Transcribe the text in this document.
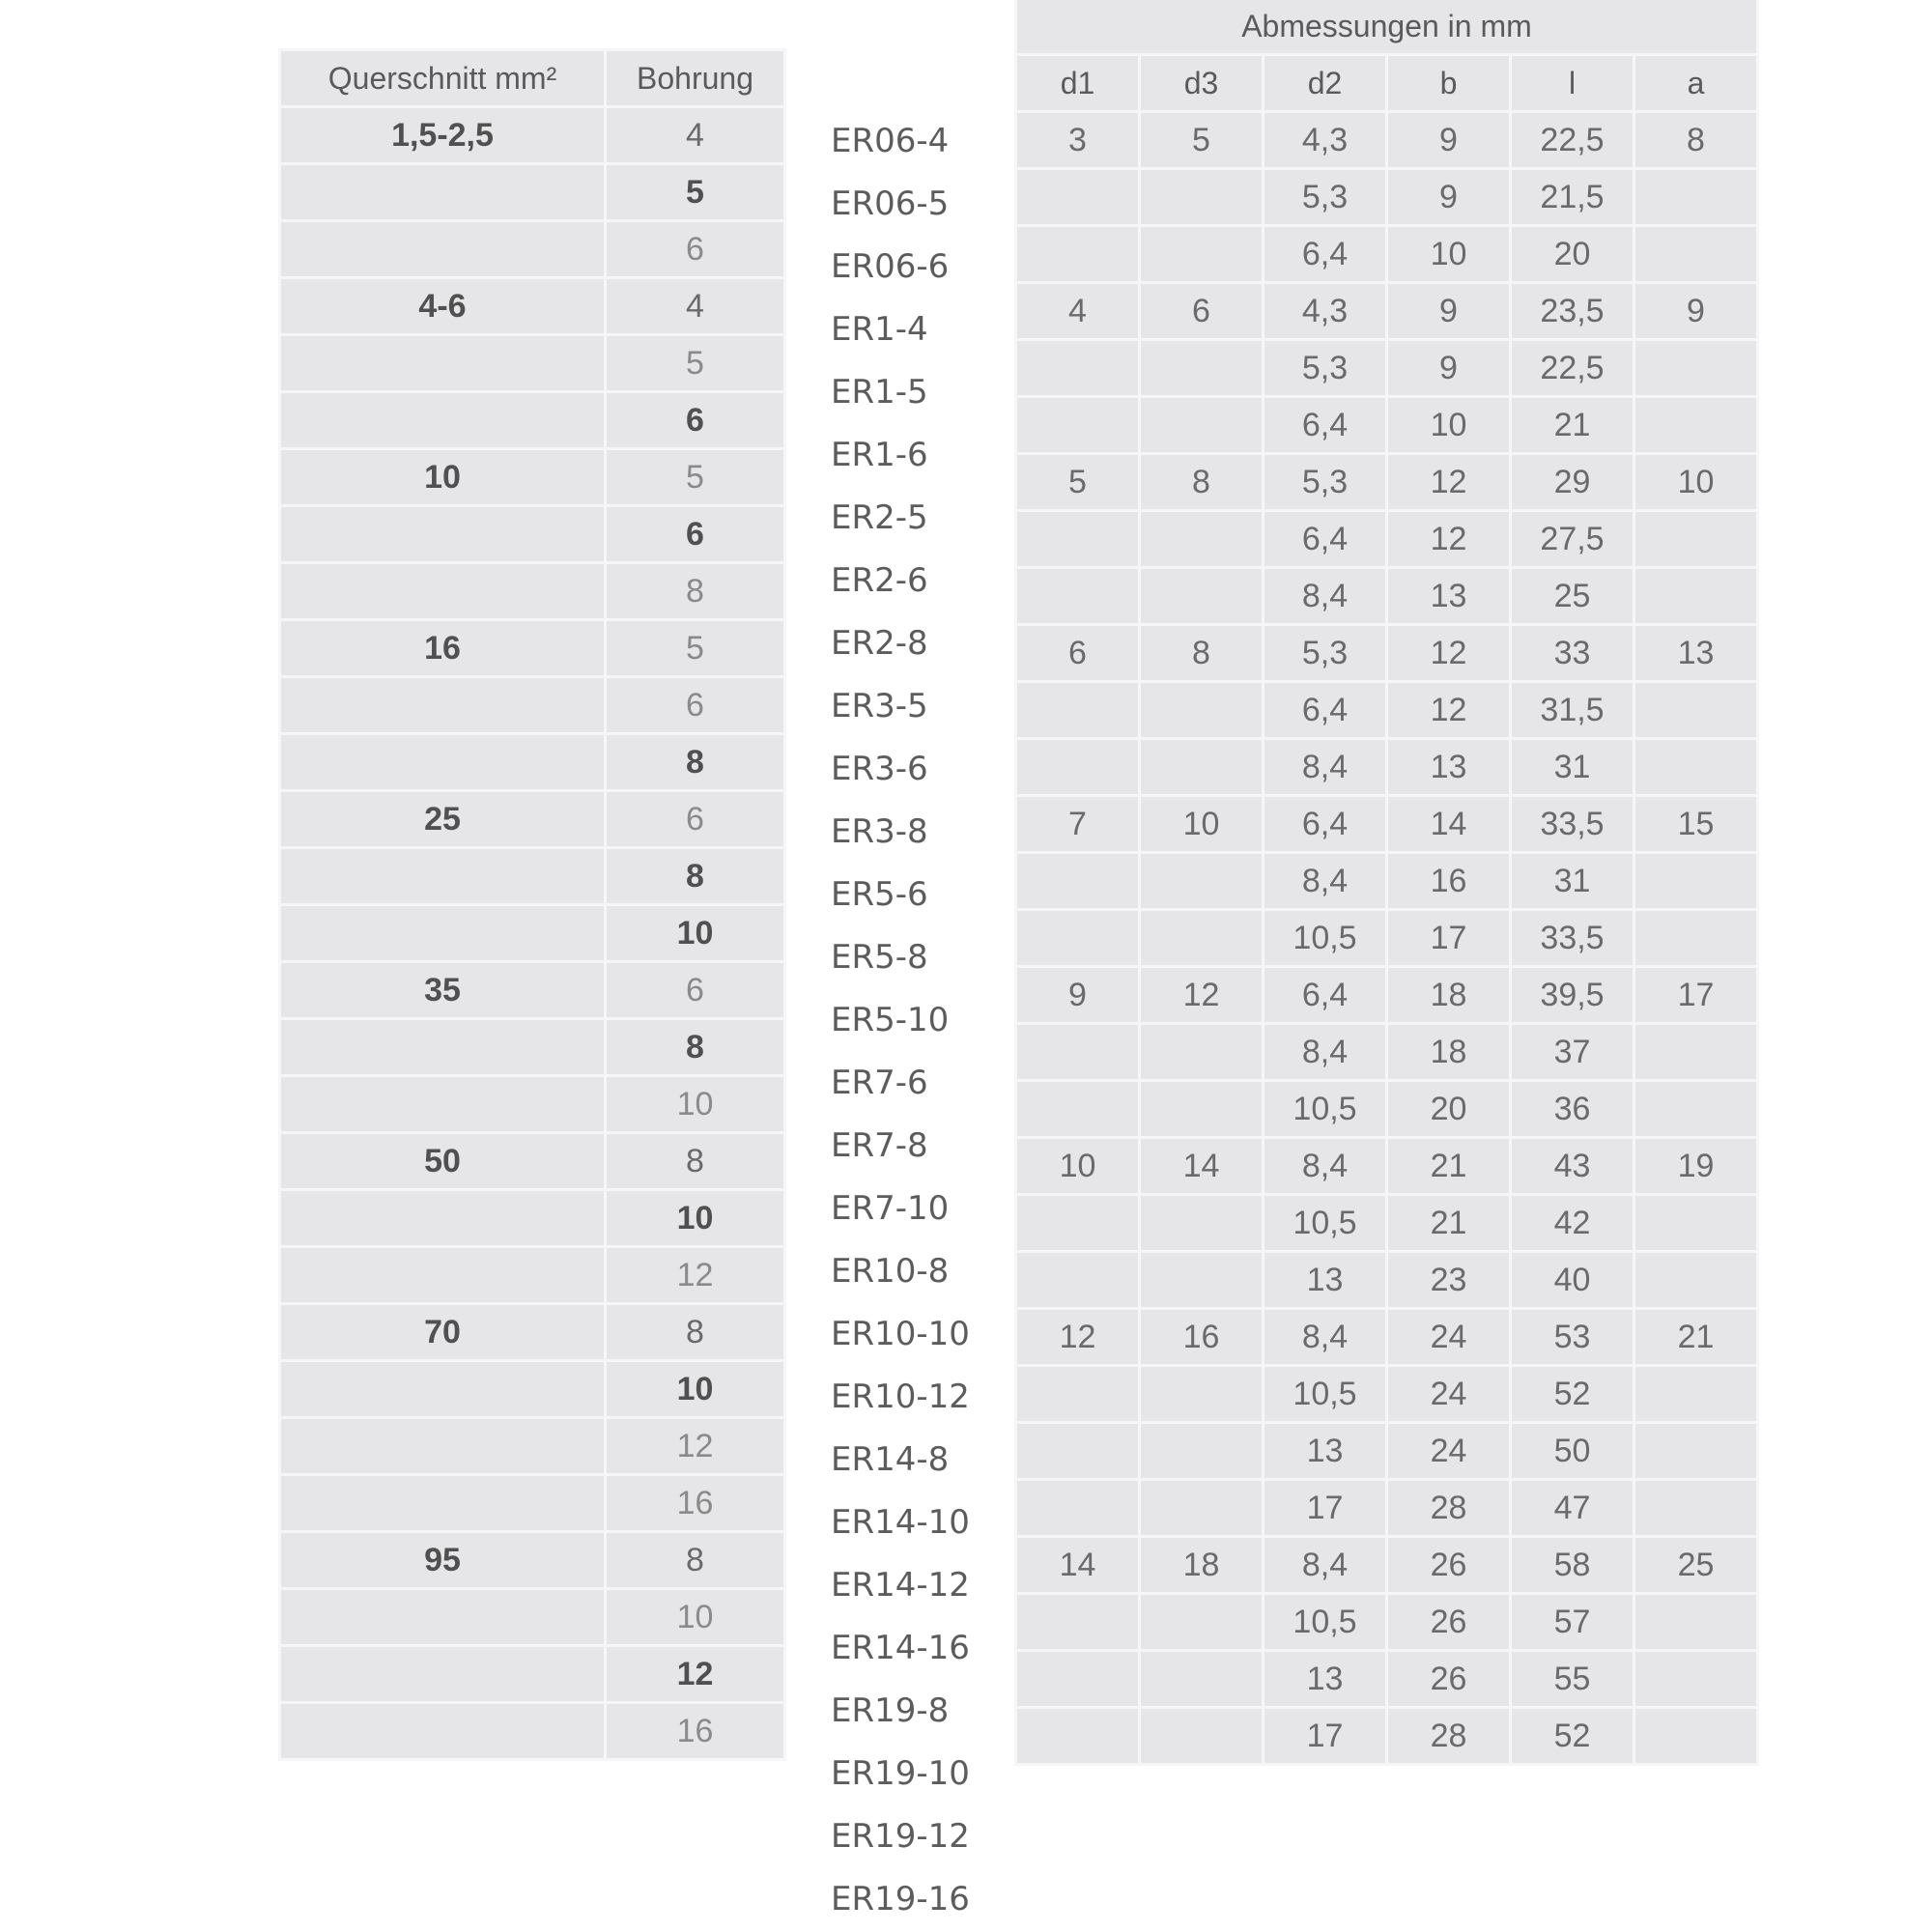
Querschnitt mm²	Bohrung
1,5-2,5	4
	5
	6
4-6	4
	5
	6
10	5
	6
	8
16	5
	6
	8
25	6
	8
	10
35	6
	8
	10
50	8
	10
	12
70	8
	10
	12
	16
95	8
	10
	12
	16
ER06-4
ER06-5
ER06-6
ER1-4
ER1-5
ER1-6
ER2-5
ER2-6
ER2-8
ER3-5
ER3-6
ER3-8
ER5-6
ER5-8
ER5-10
ER7-6
ER7-8
ER7-10
ER10-8
ER10-10
ER10-12
ER14-8
ER14-10
ER14-12
ER14-16
ER19-8
ER19-10
ER19-12
ER19-16
Abmessungen in mm					
d1	d3	d2	b	l	a
3	5	4,3	9	22,5	8
		5,3	9	21,5	
		6,4	10	20	
4	6	4,3	9	23,5	9
		5,3	9	22,5	
		6,4	10	21	
5	8	5,3	12	29	10
		6,4	12	27,5	
		8,4	13	25	
6	8	5,3	12	33	13
		6,4	12	31,5	
		8,4	13	31	
7	10	6,4	14	33,5	15
		8,4	16	31	
		10,5	17	33,5	
9	12	6,4	18	39,5	17
		8,4	18	37	
		10,5	20	36	
10	14	8,4	21	43	19
		10,5	21	42	
		13	23	40	
12	16	8,4	24	53	21
		10,5	24	52	
		13	24	50	
		17	28	47	
14	18	8,4	26	58	25
		10,5	26	57	
		13	26	55	
		17	28	52	
